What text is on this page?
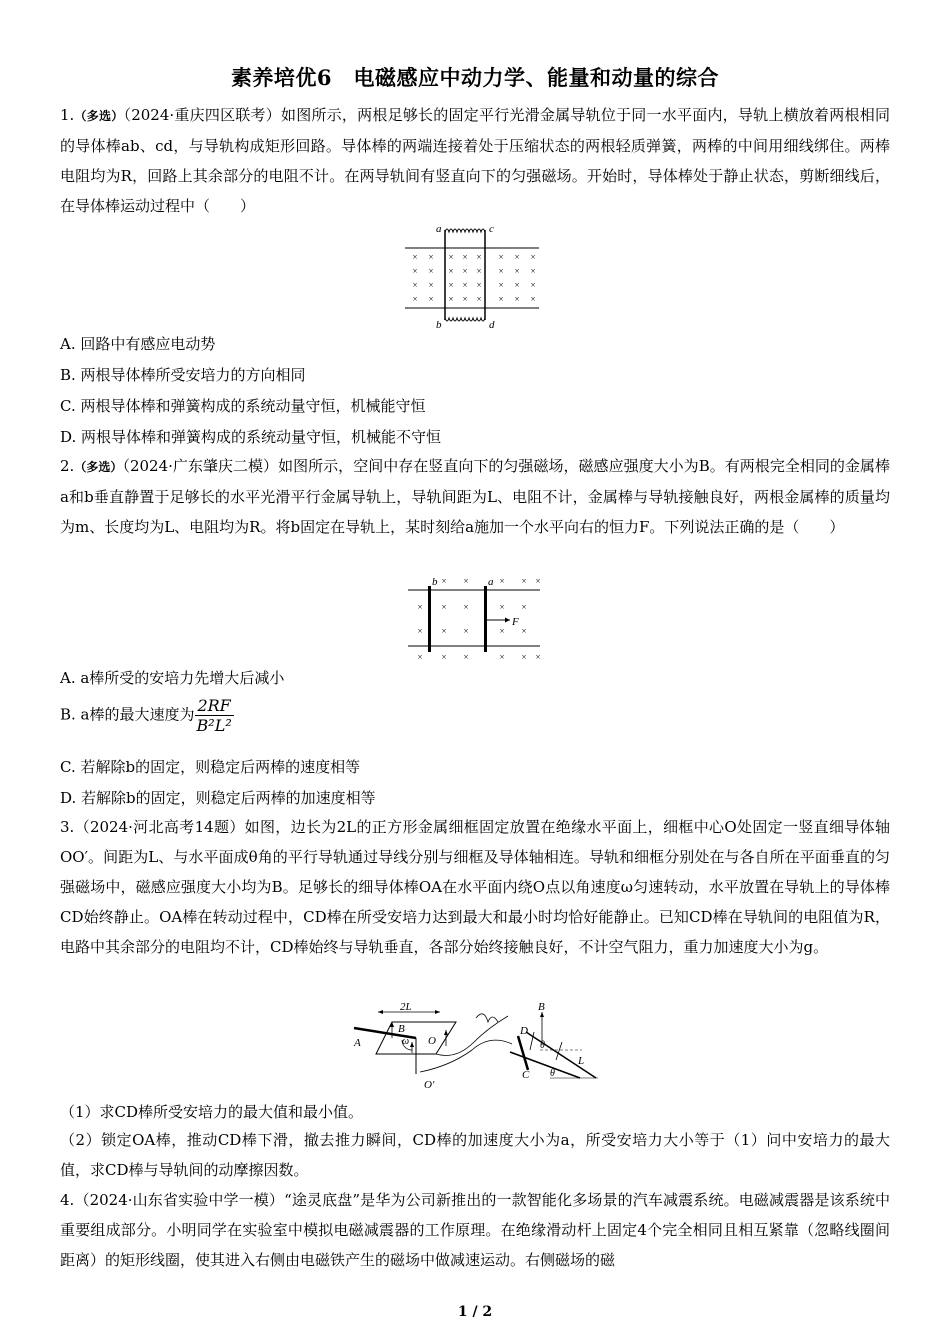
素养培优6　电磁感应中动力学、能量和动量的综合
1.（多选）（2024·重庆四区联考）如图所示，两根足够长的固定平行光滑金属导轨位于同一水平面内，导轨上横放着两根相同的导体棒ab、cd，与导轨构成矩形回路。导体棒的两端连接着处于压缩状态的两根轻质弹簧，两棒的中间用细线绑住。两棒电阻均为R，回路上其余部分的电阻不计。在两导轨间有竖直向下的匀强磁场。开始时，导体棒处于静止状态，剪断细线后，在导体棒运动过程中（　　）
× × × × × × × ×
× × × × × × × ×
× × × × × × × ×
× × × × × × × ×
a	c
b	d
A. 回路中有感应电动势
B. 两根导体棒所受安培力的方向相同
C. 两根导体棒和弹簧构成的系统动量守恒，机械能守恒
D. 两根导体棒和弹簧构成的系统动量守恒，机械能不守恒
2.（多选）（2024·广东肇庆二模）如图所示，空间中存在竖直向下的匀强磁场，磁感应强度大小为B。有两根完全相同的金属棒a和b垂直静置于足够长的水平光滑平行金属导轨上，导轨间距为L、电阻不计，金属棒与导轨接触良好，两根金属棒的质量均为m、长度均为L、电阻均为R。将b固定在导轨上，某时刻给a施加一个水平向右的恒力F。下列说法正确的是（　　）
× ×	× × ×
× × ×	× ×
× × ×	× ×
× × ×	× × ×
b	a
F
A. a棒所受的安培力先增大后减小
B. a棒的最大速度为 $\frac{2RF}{\text{B²L²}}$
C. 若解除b的固定，则稳定后两棒的速度相等
D. 若解除b的固定，则稳定后两棒的加速度相等
3.（2024·河北高考14题）如图，边长为2L的正方形金属细框固定放置在绝缘水平面上，细框中心O处固定一竖直细导体轴OO′。间距为L、与水平面成θ角的平行导轨通过导线分别与细框及导体轴相连。导轨和细框分别处在与各自所在平面垂直的匀强磁场中，磁感应强度大小均为B。足够长的细导体棒OA在水平面内绕O点以角速度ω匀速转动，水平放置在导轨上的导体棒CD始终静止。OA棒在转动过程中，CD棒在所受安培力达到最大和最小时均恰好能静止。已知CD棒在导轨间的电阻值为R，电路中其余部分的电阻均不计，CD棒始终与导轨垂直，各部分始终接触良好，不计空气阻力，重力加速度大小为g。
2L
B
A	O
ω
O′
D
B
θ
L
C θ
（1）求CD棒所受安培力的最大值和最小值。
（2）锁定OA棒，推动CD棒下滑，撤去推力瞬间，CD棒的加速度大小为a，所受安培力大小等于（1）问中安培力的最大值，求CD棒与导轨间的动摩擦因数。
4.（2024·山东省实验中学一模）“途灵底盘”是华为公司新推出的一款智能化多场景的汽车减震系统。电磁减震器是该系统中重要组成部分。小明同学在实验室中模拟电磁减震器的工作原理。在绝缘滑动杆上固定4个完全相同且相互紧靠（忽略线圈间距离）的矩形线圈，使其进入右侧由电磁铁产生的磁场中做减速运动。右侧磁场的磁
1 / 2
